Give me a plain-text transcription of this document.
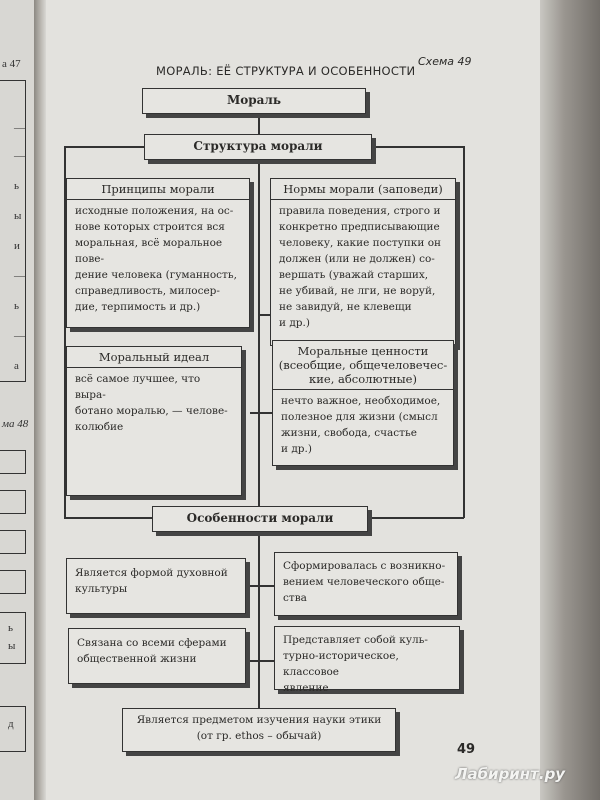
а 47
—
—
ь
ы
и
—
ь
—
а
ма 48
ь
ы
д
МОРАЛЬ: ЕЁ СТРУКТУРА И ОСОБЕННОСТИ
Схема 49
Мораль
Структура морали
Принципы морали
исходные положения, на ос-
нове которых строится вся
моральная, всё моральное пове-
дение человека (гуманность,
справедливость, милосер-
дие, терпимость и др.)
Нормы морали (заповеди)
правила поведения, строго и
конкретно предписывающие
человеку, какие поступки он
должен (или не должен) со-
вершать (уважай старших,
не убивай, не лги, не воруй,
не завидуй, не клевещи
и др.)
Моральный идеал
всё самое лучшее, что выра-
ботано моралью, — челове-
колюбие
Моральные ценности
(всеобщие, общечеловечес-
кие, абсолютные)
нечто важное, необходимое,
полезное для жизни (смысл
жизни, свобода, счастье
и др.)
Особенности морали
Является формой духовной
культуры
Сформировалась с возникно-
вением человеческого обще-
ства
Связана со всеми сферами
общественной жизни
Представляет собой куль-
турно-историческое, классовое
явление
Является предметом изучения науки этики
(от гр. ethos – обычай)
49
Лабиринт.ру
